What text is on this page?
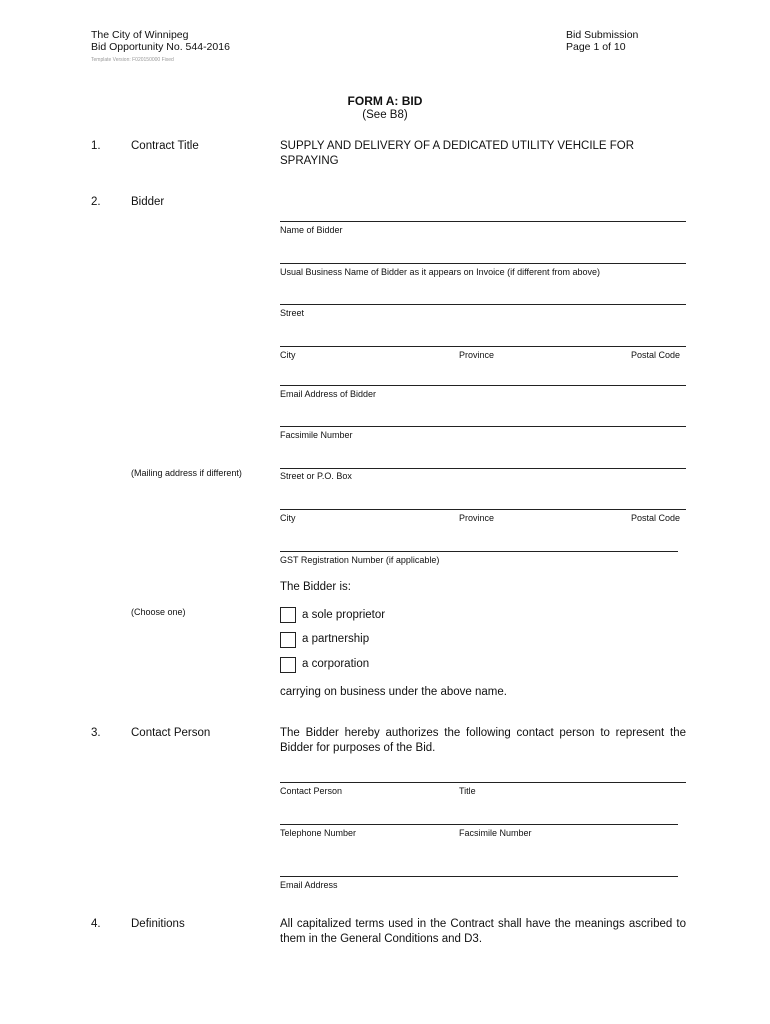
The City of Winnipeg
Bid Opportunity No. 544-2016
Template Version: F020150000 Fixed
Bid Submission
Page 1 of 10
FORM A: BID
(See B8)
1.	Contract Title	SUPPLY AND DELIVERY OF A DEDICATED UTILITY VEHCILE FOR
SPRAYING
2.	Bidder
Name of Bidder
Usual Business Name of Bidder as it appears on Invoice (if different from above)
Street
City	Province	Postal Code
Email Address of Bidder
Facsimile Number
(Mailing address if different)	Street or P.O. Box
City	Province	Postal Code
GST Registration Number (if applicable)
The Bidder is:
(Choose one)	a sole proprietor
a partnership
a corporation
carrying on business under the above name.
3.	Contact Person	The Bidder hereby authorizes the following contact person to represent the Bidder for purposes of the Bid.
Contact Person	Title
Telephone Number	Facsimile Number
Email Address
4.	Definitions	All capitalized terms used in the Contract shall have the meanings ascribed to them in the General Conditions and D3.
